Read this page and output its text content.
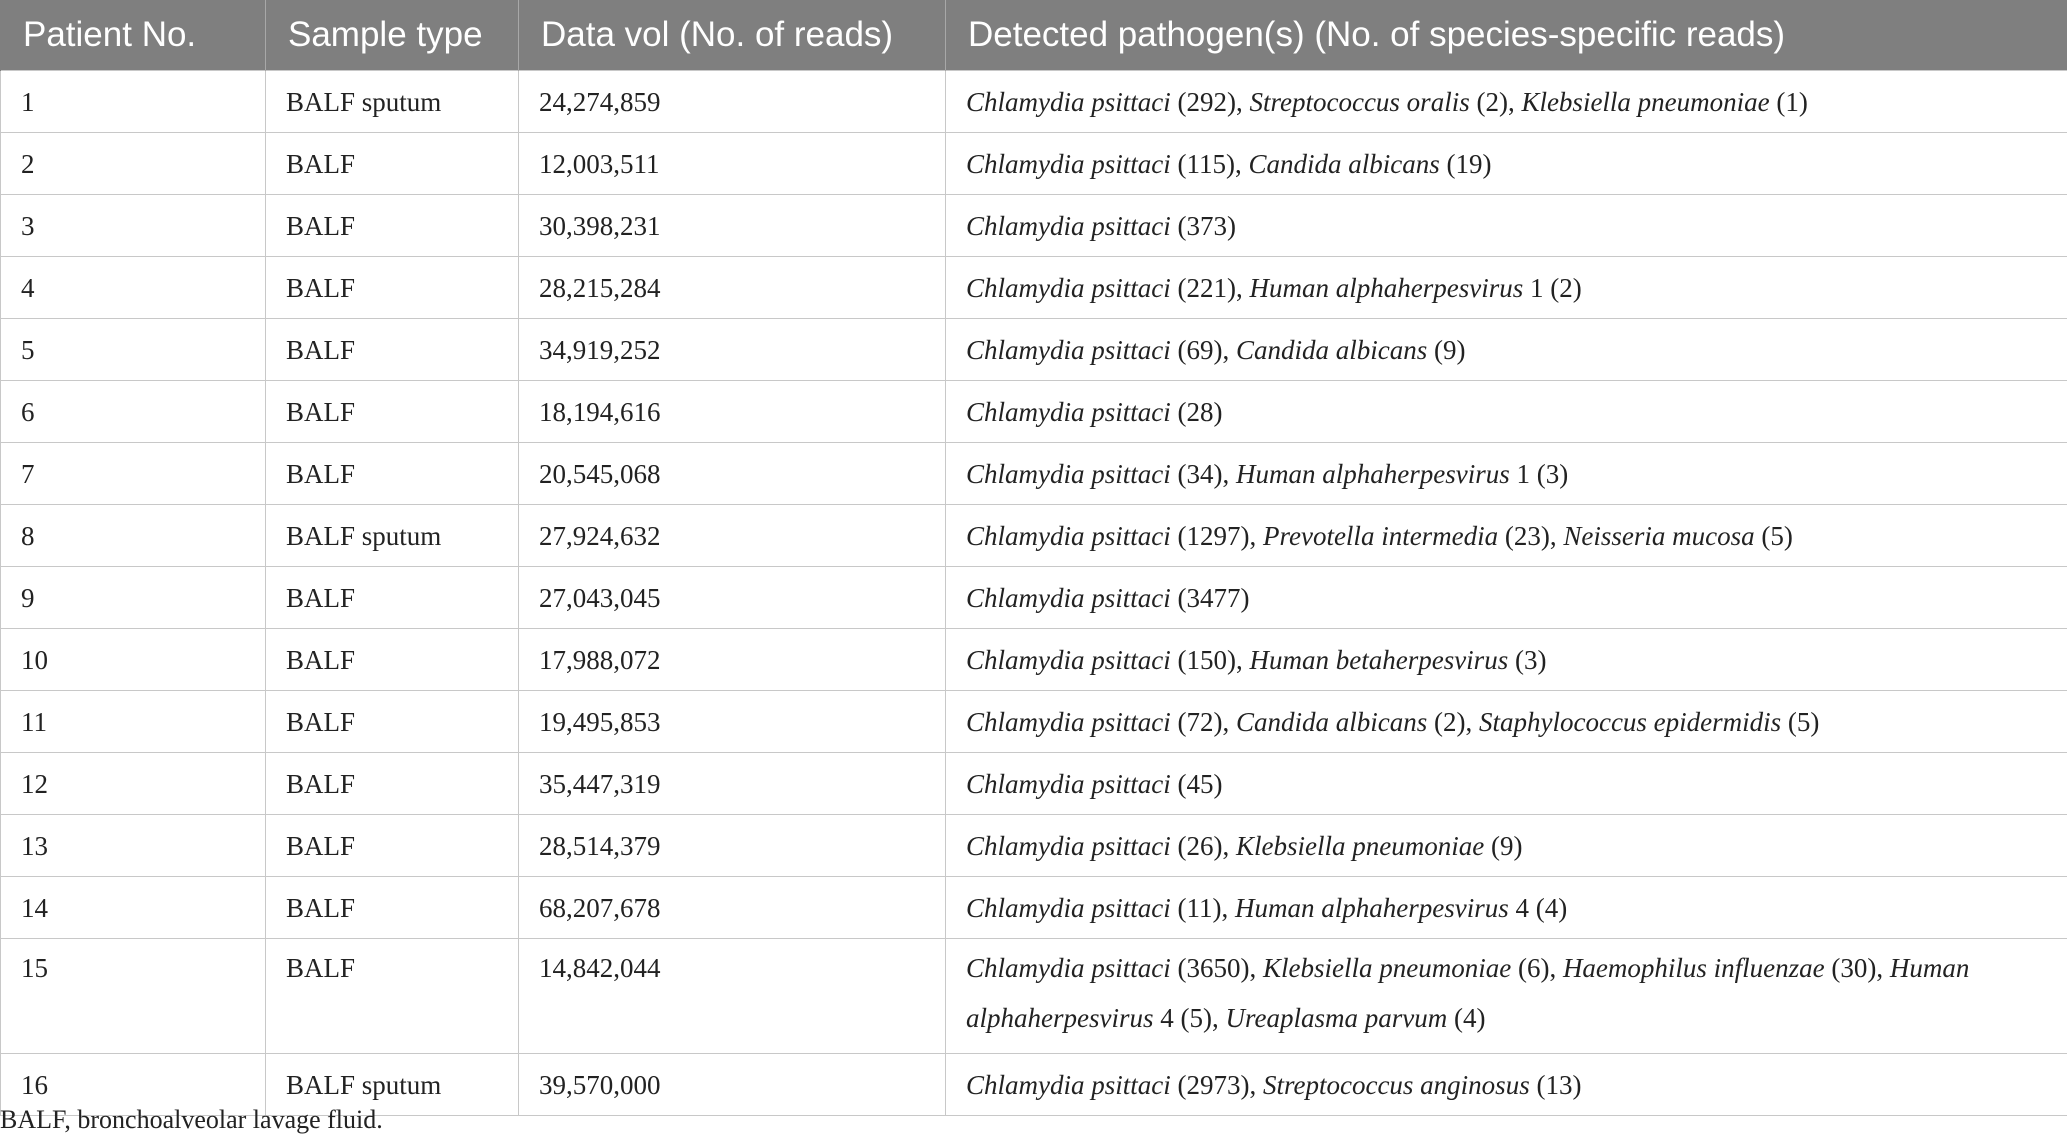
Patient No.	Sample type	Data vol (No. of reads)	Detected pathogen(s) (No. of species-specific reads)
1	BALF sputum	24,274,859	Chlamydia psittaci (292), Streptococcus oralis (2), Klebsiella pneumoniae (1)
2	BALF	12,003,511	Chlamydia psittaci (115), Candida albicans (19)
3	BALF	30,398,231	Chlamydia psittaci (373)
4	BALF	28,215,284	Chlamydia psittaci (221), Human alphaherpesvirus 1 (2)
5	BALF	34,919,252	Chlamydia psittaci (69), Candida albicans (9)
6	BALF	18,194,616	Chlamydia psittaci (28)
7	BALF	20,545,068	Chlamydia psittaci (34), Human alphaherpesvirus 1 (3)
8	BALF sputum	27,924,632	Chlamydia psittaci (1297), Prevotella intermedia (23), Neisseria mucosa (5)
9	BALF	27,043,045	Chlamydia psittaci (3477)
10	BALF	17,988,072	Chlamydia psittaci (150), Human betaherpesvirus (3)
11	BALF	19,495,853	Chlamydia psittaci (72), Candida albicans (2), Staphylococcus epidermidis (5)
12	BALF	35,447,319	Chlamydia psittaci (45)
13	BALF	28,514,379	Chlamydia psittaci (26), Klebsiella pneumoniae (9)
14	BALF	68,207,678	Chlamydia psittaci (11), Human alphaherpesvirus 4 (4)
15	BALF	14,842,044	Chlamydia psittaci (3650), Klebsiella pneumoniae (6), Haemophilus influenzae (30), Human alphaherpesvirus 4 (5), Ureaplasma parvum (4)
16	BALF sputum	39,570,000	Chlamydia psittaci (2973), Streptococcus anginosus (13)
BALF, bronchoalveolar lavage fluid.
